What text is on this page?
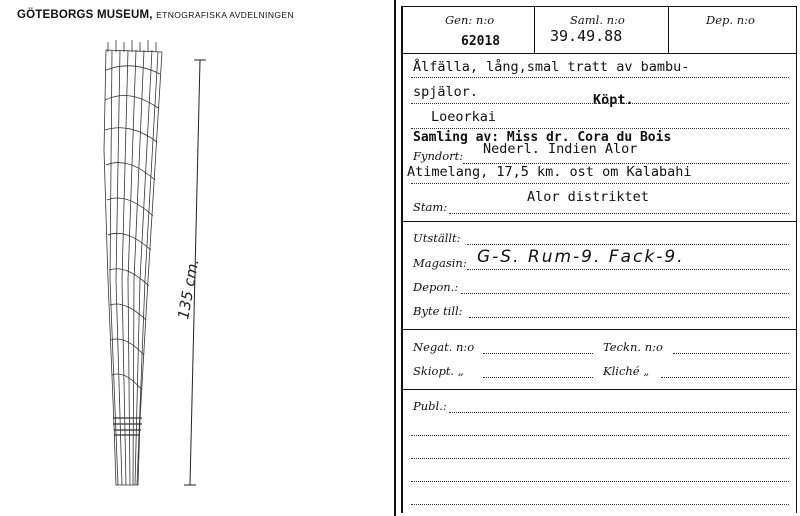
GÖTEBORGS MUSEUM, ETNOGRAFISKA AVDELNINGEN
135 cm.
Gen: n:o
62018
Saml. n:o
39.49.88
Dep. n:o
Ålfälla, lång,smal tratt av bambu-
spjälor.	Köpt.
Loeorkai
Samling av: Miss dr. Cora du Bois
Fyndort: Nederl. Indien Alor
Atimelang, 17,5 km. ost om Kalabahi
Alor distriktet
Stam:
Utställt:
Magasin: G-S. Rum-9. Fack-9.
Depon.:
Byte till:
Negat. n:o	Teckn. n:o
Skiopt. „	Kliché „
Publ.:
